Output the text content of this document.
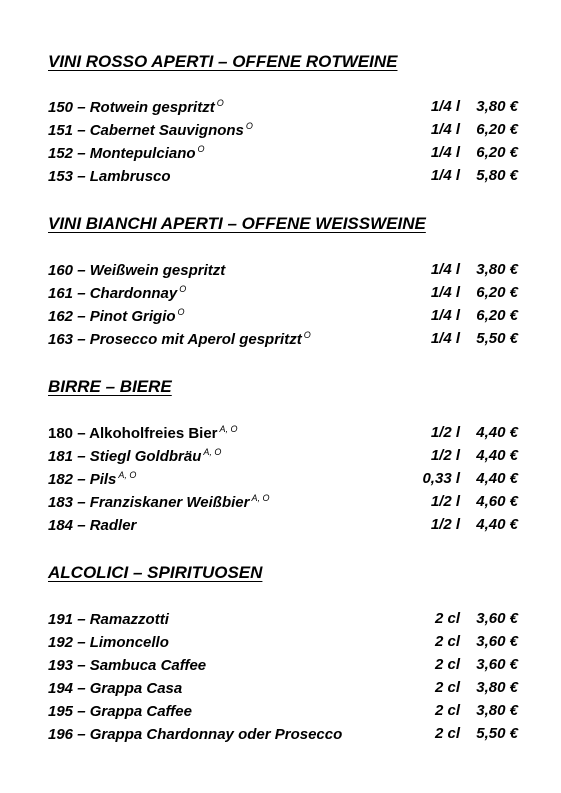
VINI ROSSO APERTI – OFFENE ROTWEINE
150 – Rotwein gespritzt $^O$	1/4 l	3,80 €
151 – Cabernet Sauvignons $^O$	1/4 l	6,20 €
152 – Montepulciano $^O$	1/4 l	6,20 €
153 – Lambrusco	1/4 l	5,80 €
VINI BIANCHI APERTI – OFFENE WEISSWEINE
160 – Weißwein gespritzt	1/4 l	3,80 €
161 – Chardonnay $^O$	1/4 l	6,20 €
162 – Pinot Grigio $^O$	1/4 l	6,20 €
163 – Prosecco mit Aperol gespritzt $^O$	1/4 l	5,50 €
BIRRE – BIERE
180 – Alkoholfreies Bier $^{A, O}$	1/2 l	4,40 €
181 – Stiegl Goldbräu $^{A, O}$	1/2 l	4,40 €
182 – Pils $^{A, O}$	0,33 l	4,40 €
183 – Franziskaner Weißbier $^{A, O}$	1/2 l	4,60 €
184 – Radler	1/2 l	4,40 €
ALCOLICI – SPIRITUOSEN
191 – Ramazzotti	2 cl	3,60 €
192 – Limoncello	2 cl	3,60 €
193 – Sambuca Caffee	2 cl	3,60 €
194 – Grappa Casa	2 cl	3,80 €
195 – Grappa Caffee	2 cl	3,80 €
196 – Grappa Chardonnay oder Prosecco	2 cl	5,50 €
